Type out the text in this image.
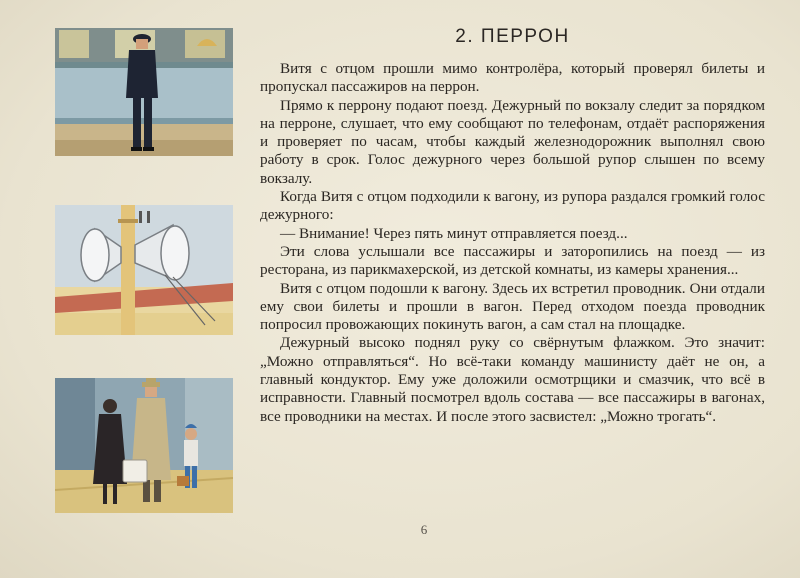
2. ПЕРРОН

Витя с отцом прошли мимо контролёра, который проверял билеты и пропускал пассажиров на перрон.

Прямо к перрону подают поезд. Дежурный по вокзалу следит за порядком на перроне, слушает, что ему сообщают по телефонам, отдаёт распоряжения и проверяет по часам, чтобы каждый железнодорожник выполнял свою работу в срок. Голос дежурного через большой рупор слышен по всему вокзалу.

Когда Витя с отцом подходили к вагону, из рупора раздался громкий голос дежурного:

— Внимание! Через пять минут отправляется поезд...

Эти слова услышали все пассажиры и заторопились на поезд — из ресторана, из парикмахерской, из детской комнаты, из камеры хранения...

Витя с отцом подошли к вагону. Здесь их встретил проводник. Они отдали ему свои билеты и прошли в вагон. Перед отходом поезда проводник попросил провожающих покинуть вагон, а сам стал на площадке.

Дежурный высоко поднял руку со свёрнутым флажком. Это значит: „Можно отправляться“. Но всё-таки команду машинисту даёт не он, а главный кондуктор. Ему уже доложили осмотрщики и смазчик, что всё в исправности. Главный посмотрел вдоль состава — все пассажиры в вагонах, все проводники на местах. И после этого засвистел: „Можно трогать“.

6
